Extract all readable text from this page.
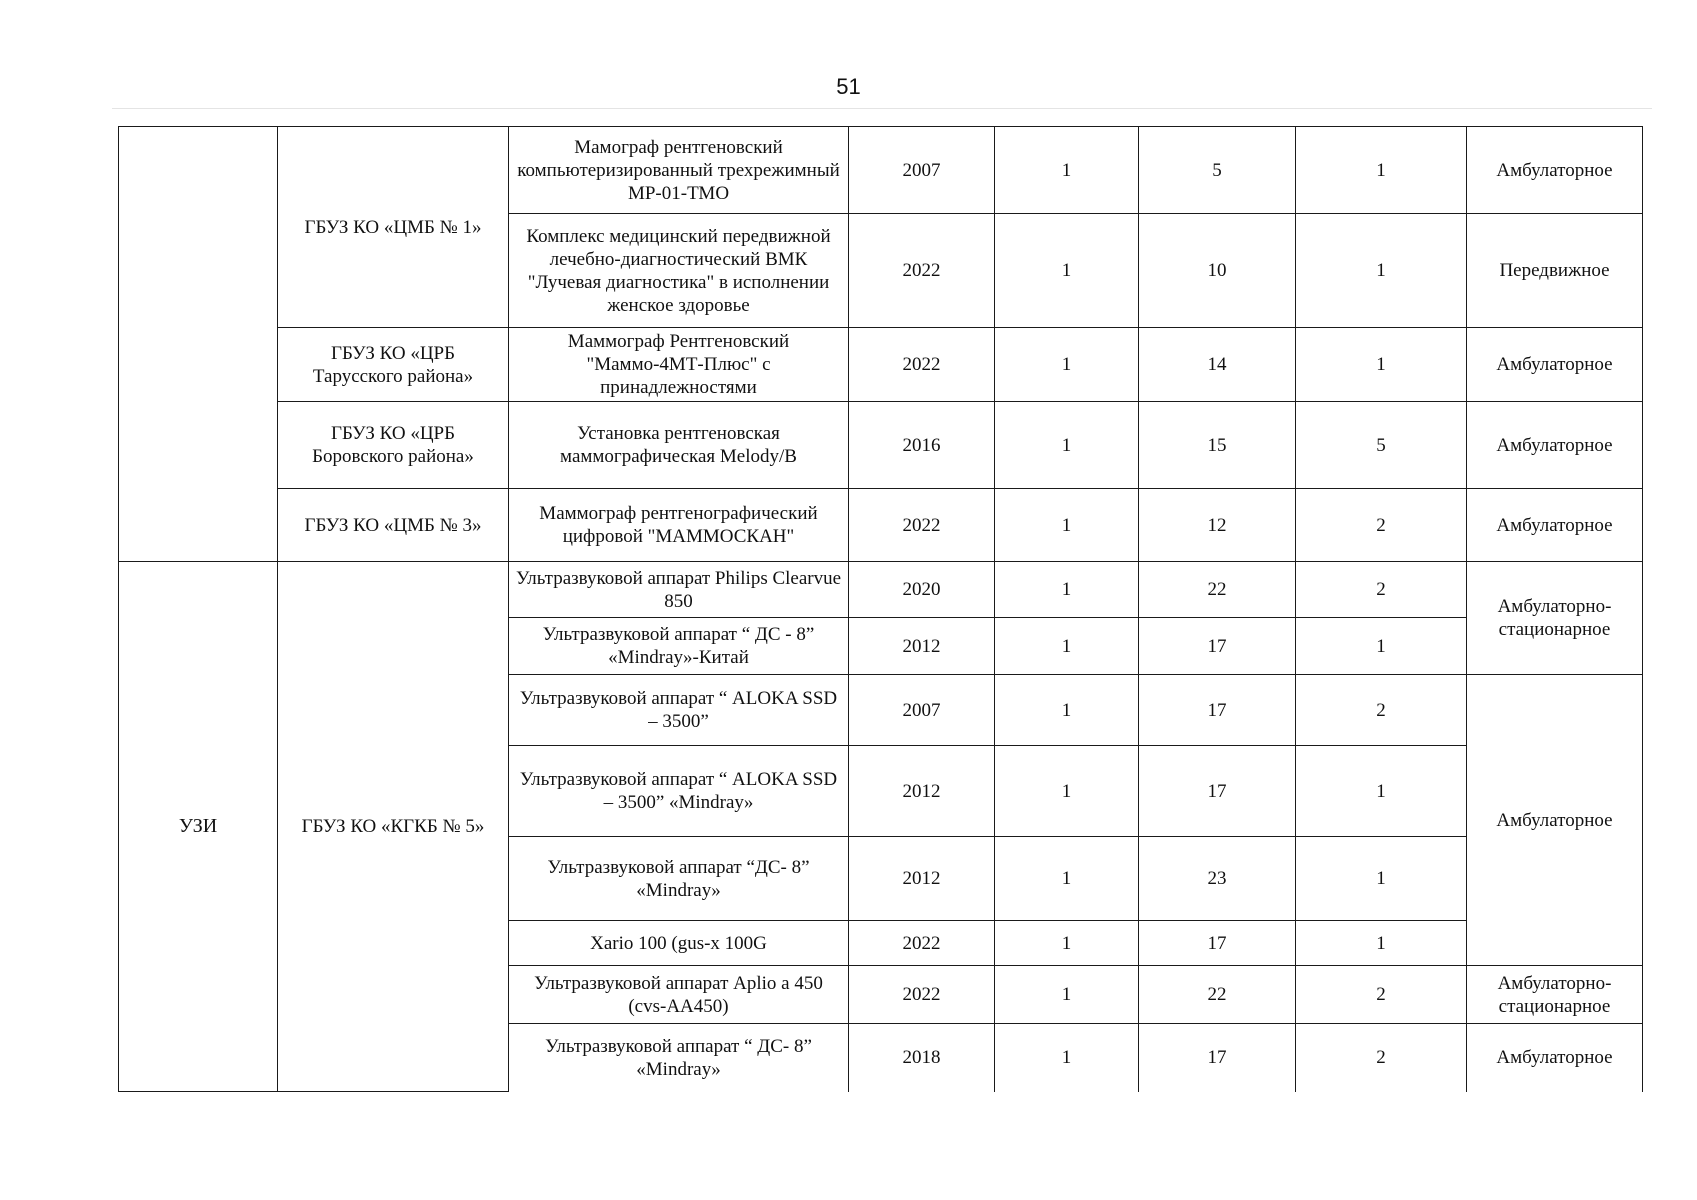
51
	ГБУЗ КО «ЦМБ № 1»	Мамограф рентгеновский компьютеризированный трехрежимный МР-01-ТМО	2007	1	5	1	Амбулаторное
		Комплекс медицинский передвижной лечебно-диагностический ВМК "Лучевая диагностика" в исполнении женское здоровье	2022	1	10	1	Передвижное
	ГБУЗ КО «ЦРБ Тарусского района»	Маммограф Рентгеновский "Маммо-4МТ-Плюс" с принадлежностями	2022	1	14	1	Амбулаторное
	ГБУЗ КО «ЦРБ Боровского района»	Установка рентгеновская маммографическая Melody/B	2016	1	15	5	Амбулаторное
	ГБУЗ КО «ЦМБ № 3»	Маммограф рентгенографический цифровой "МАММОСКАН"	2022	1	12	2	Амбулаторное
УЗИ	ГБУЗ КО «КГКБ № 5»	Ультразвуковой аппарат Philips Clearvue 850	2020	1	22	2	Амбулаторно-стационарное
		Ультразвуковой аппарат “ ДС - 8” «Mindray»-Китай	2012	1	17	1	
		Ультразвуковой аппарат “ ALOKA SSD – 3500”	2007	1	17	2	Амбулаторное
		Ультразвуковой аппарат “ ALOKA SSD – 3500” «Mindray»	2012	1	17	1	
		Ультразвуковой аппарат “ДС- 8” «Mindray»	2012	1	23	1	
		Xario 100 (gus-x 100G	2022	1	17	1	
		Ультразвуковой аппарат Aplio a 450 (cvs-AA450)	2022	1	22	2	Амбулаторно-стационарное
		Ультразвуковой аппарат “ ДС- 8” «Mindray»	2018	1	17	2	Амбулаторное
